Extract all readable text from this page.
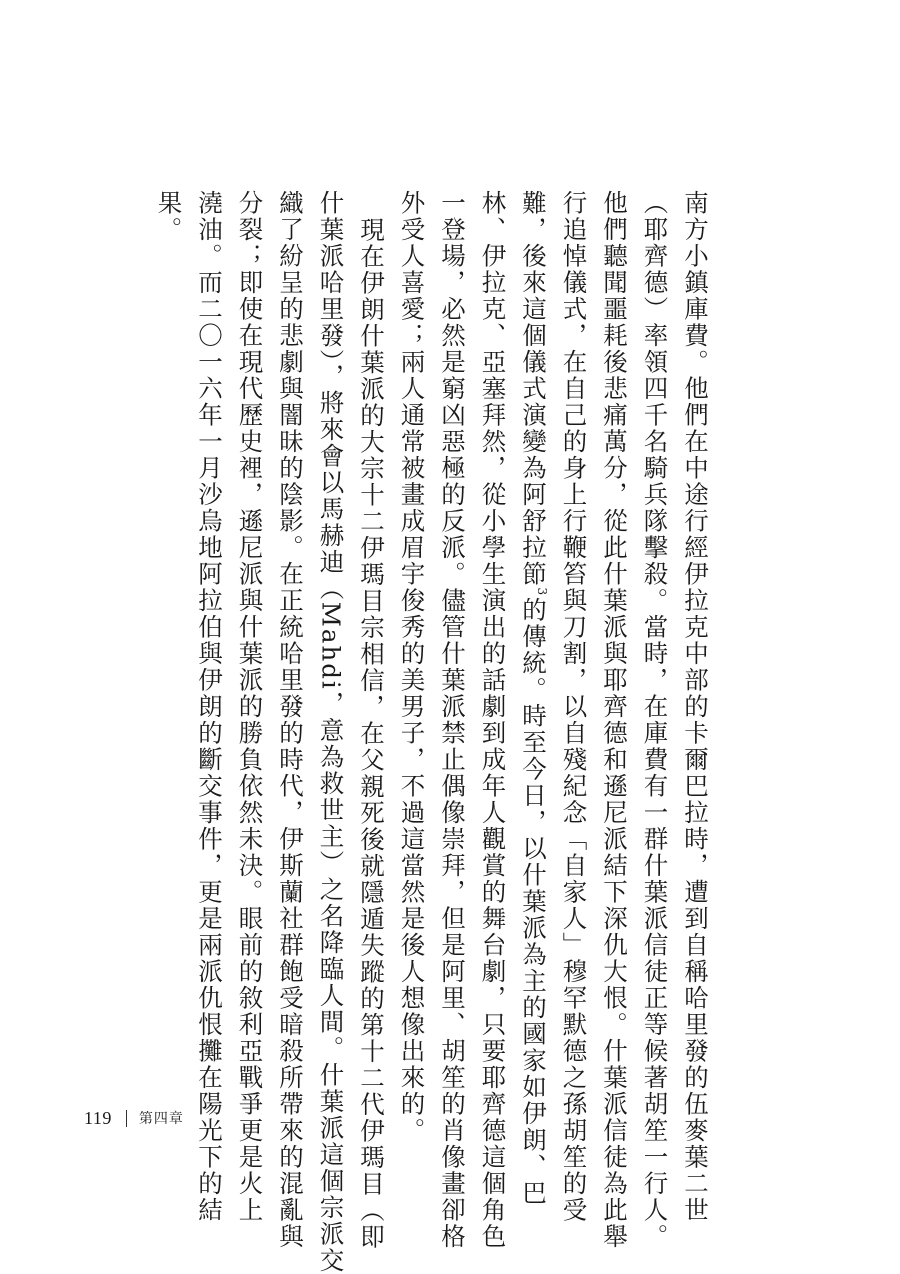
南方小鎮庫費。他們在中途行經伊拉克中部的卡爾巴拉時，遭到自稱哈里發的伍麥葉二世

（耶齊德）率領四千名騎兵隊擊殺。當時，在庫費有一群什葉派信徒正等候著胡笙一行人。

他們聽聞噩耗後悲痛萬分，從此什葉派與耶齊德和遜尼派結下深仇大恨。什葉派信徒為此舉

行追悼儀式，在自己的身上行鞭笞與刀割，以自殘紀念「自家人」穆罕默德之孫胡笙的受

難，後來這個儀式演變為阿舒拉節$^3$的傳統。時至今日，以什葉派為主的國家如伊朗、巴

林、伊拉克、亞塞拜然，從小學生演出的話劇到成年人觀賞的舞台劇，只要耶齊德這個角色

一登場，必然是窮凶惡極的反派。儘管什葉派禁止偶像崇拜，但是阿里、胡笙的肖像畫卻格

外受人喜愛；兩人通常被畫成眉宇俊秀的美男子，不過這當然是後人想像出來的。

現在伊朗什葉派的大宗十二伊瑪目宗相信，在父親死後就隱遁失蹤的第十二代伊瑪目（即

什葉派哈里發），將來會以馬赫迪（Mahdi，意為救世主）之名降臨人間。什葉派這個宗派交

織了紛呈的悲劇與闇昧的陰影。在正統哈里發的時代，伊斯蘭社群飽受暗殺所帶來的混亂與

分裂；即使在現代歷史裡，遜尼派與什葉派的勝負依然未決。眼前的敘利亞戰爭更是火上

澆油。而二〇一六年一月沙烏地阿拉伯與伊朗的斷交事件，更是兩派仇恨攤在陽光下的結

果。

119 第四章
